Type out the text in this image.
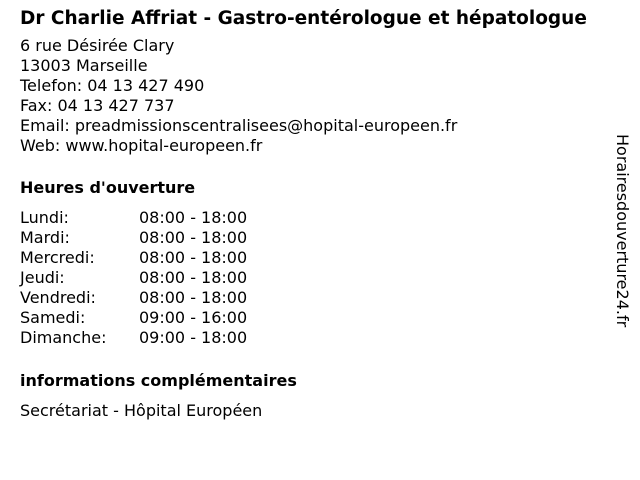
Dr Charlie Affriat - Gastro-entérologue et hépatologue
6 rue Désirée Clary
13003 Marseille
Telefon: 04 13 427 490
Fax: 04 13 427 737
Email: preadmissionscentralisees@hopital-europeen.fr
Web: www.hopital-europeen.fr
Heures d'ouverture
Lundi:	08:00 - 18:00
Mardi:	08:00 - 18:00
Mercredi:	08:00 - 18:00
Jeudi:	08:00 - 18:00
Vendredi:	08:00 - 18:00
Samedi:	09:00 - 16:00
Dimanche:	09:00 - 18:00
informations complémentaires
Secrétariat - Hôpital Européen
Horairesdouverture24.fr
